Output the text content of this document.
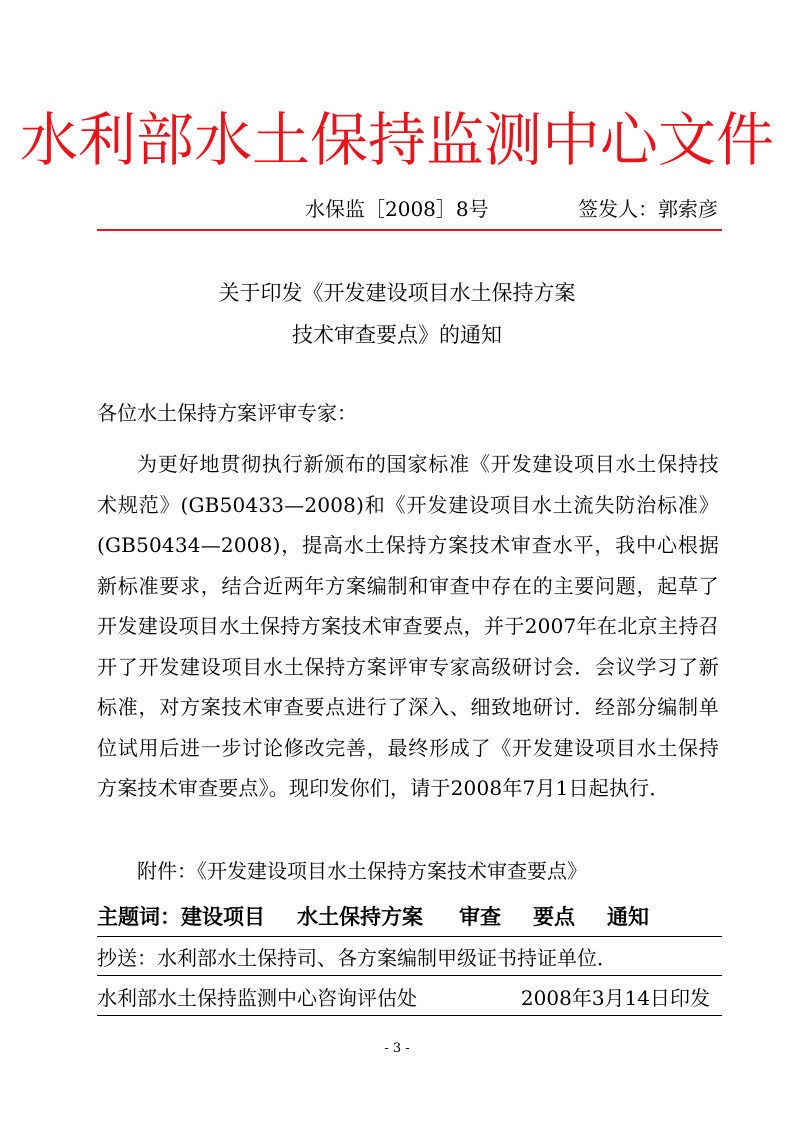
水利部水土保持监测中心文件
水保监［2008］8号	签发人：郭索彦
关于印发《开发建设项目水土保持方案
技术审查要点》的通知
各位水土保持方案评审专家：

为更好地贯彻执行新颁布的国家标准《开发建设项目水土保持技术规范》(GB50433—2008)和《开发建设项目水土流失防治标准》(GB50434—2008)，提高水土保持方案技术审查水平，我中心根据新标准要求，结合近两年方案编制和审查中存在的主要问题，起草了开发建设项目水土保持方案技术审查要点，并于2007年在北京主持召开了开发建设项目水土保持方案评审专家高级研讨会．会议学习了新标准，对方案技术审查要点进行了深入、细致地研讨．经部分编制单位试用后进一步讨论修改完善，最终形成了《开发建设项目水土保持方案技术审查要点》。现印发你们，请于2008年7月1日起执行．

附件：《开发建设项目水土保持方案技术审查要点》
主题词： 建设项目 水土保持方案 审查 要点 通知
抄送：水利部水土保持司、各方案编制甲级证书持证单位．
水利部水土保持监测中心咨询评估处	2008年3月14日印发
- 3 -
